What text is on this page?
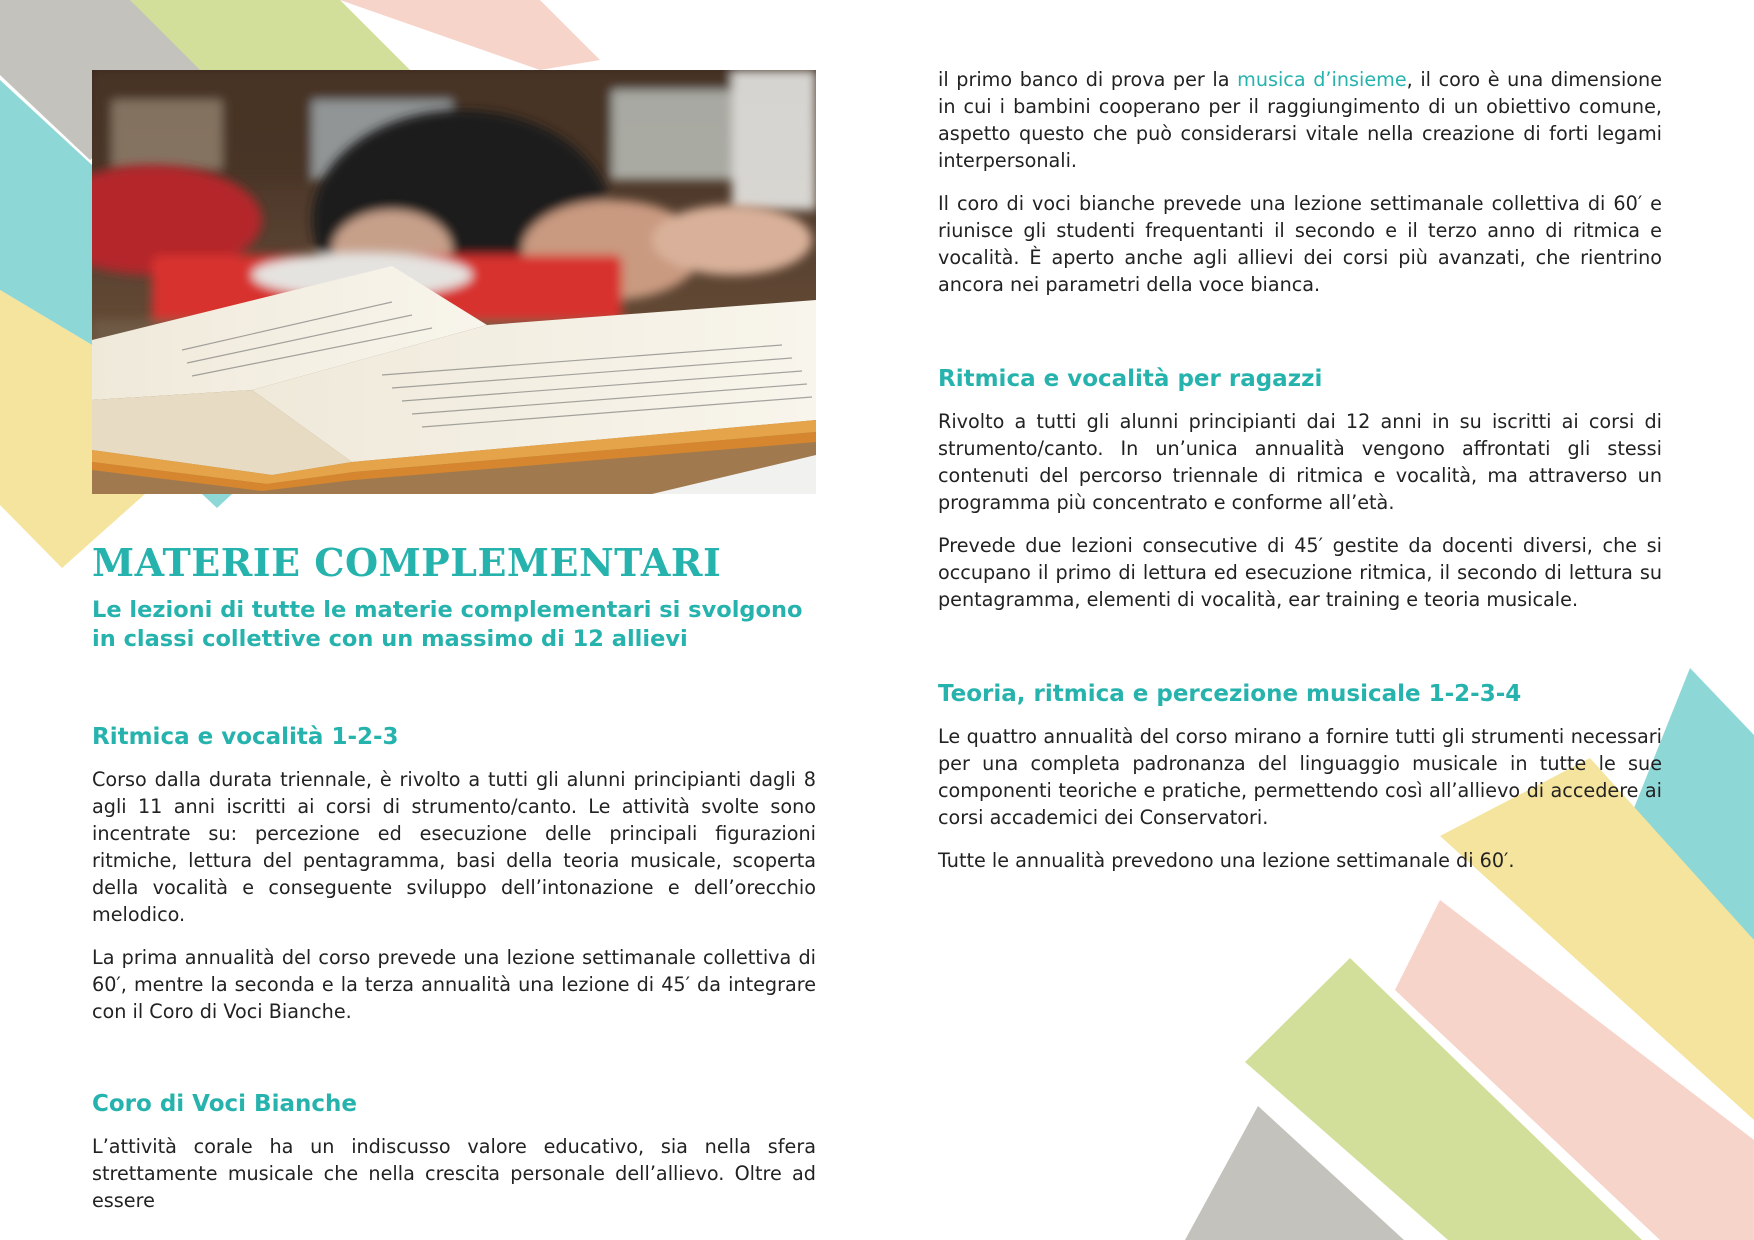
MATERIE COMPLEMENTARI

Le lezioni di tutte le materie complementari si svolgono in classi collettive con un massimo di 12 allievi

Ritmica e vocalità 1-2-3

Corso dalla durata triennale, è rivolto a tutti gli alunni principianti dagli 8 agli 11 anni iscritti ai corsi di strumento/canto. Le attività svolte sono incentrate su: percezione ed esecuzione delle principali figurazioni ritmiche, lettura del pentagramma, basi della teoria musicale, scoperta della vocalità e conseguente sviluppo dell’intonazione e dell’orecchio melodico.

La prima annualità del corso prevede una lezione settimanale collettiva di 60′, mentre la seconda e la terza annualità una lezione di 45′ da integrare con il Coro di Voci Bianche.

Coro di Voci Bianche

L’attività corale ha un indiscusso valore educativo, sia nella sfera strettamente musicale che nella crescita personale dell’allievo. Oltre ad essere

il primo banco di prova per la musica d’insieme, il coro è una dimensione in cui i bambini cooperano per il raggiungimento di un obiettivo comune, aspetto questo che può considerarsi vitale nella creazione di forti legami interpersonali.

Il coro di voci bianche prevede una lezione settimanale collettiva di 60′ e riunisce gli studenti frequentanti il secondo e il terzo anno di ritmica e vocalità. È aperto anche agli allievi dei corsi più avanzati, che rientrino ancora nei parametri della voce bianca.

Ritmica e vocalità per ragazzi

Rivolto a tutti gli alunni principianti dai 12 anni in su iscritti ai corsi di strumento/canto. In un’unica annualità vengono affrontati gli stessi contenuti del percorso triennale di ritmica e vocalità, ma attraverso un programma più concentrato e conforme all’età.

Prevede due lezioni consecutive di 45′ gestite da docenti diversi, che si occupano il primo di lettura ed esecuzione ritmica, il secondo di lettura su pentagramma, elementi di vocalità, ear training e teoria musicale.

Teoria, ritmica e percezione musicale 1-2-3-4

Le quattro annualità del corso mirano a fornire tutti gli strumenti necessari per una completa padronanza del linguaggio musicale in tutte le sue componenti teoriche e pratiche, permettendo così all’allievo di accedere ai corsi accademici dei Conservatori.

Tutte le annualità prevedono una lezione settimanale di 60′.
